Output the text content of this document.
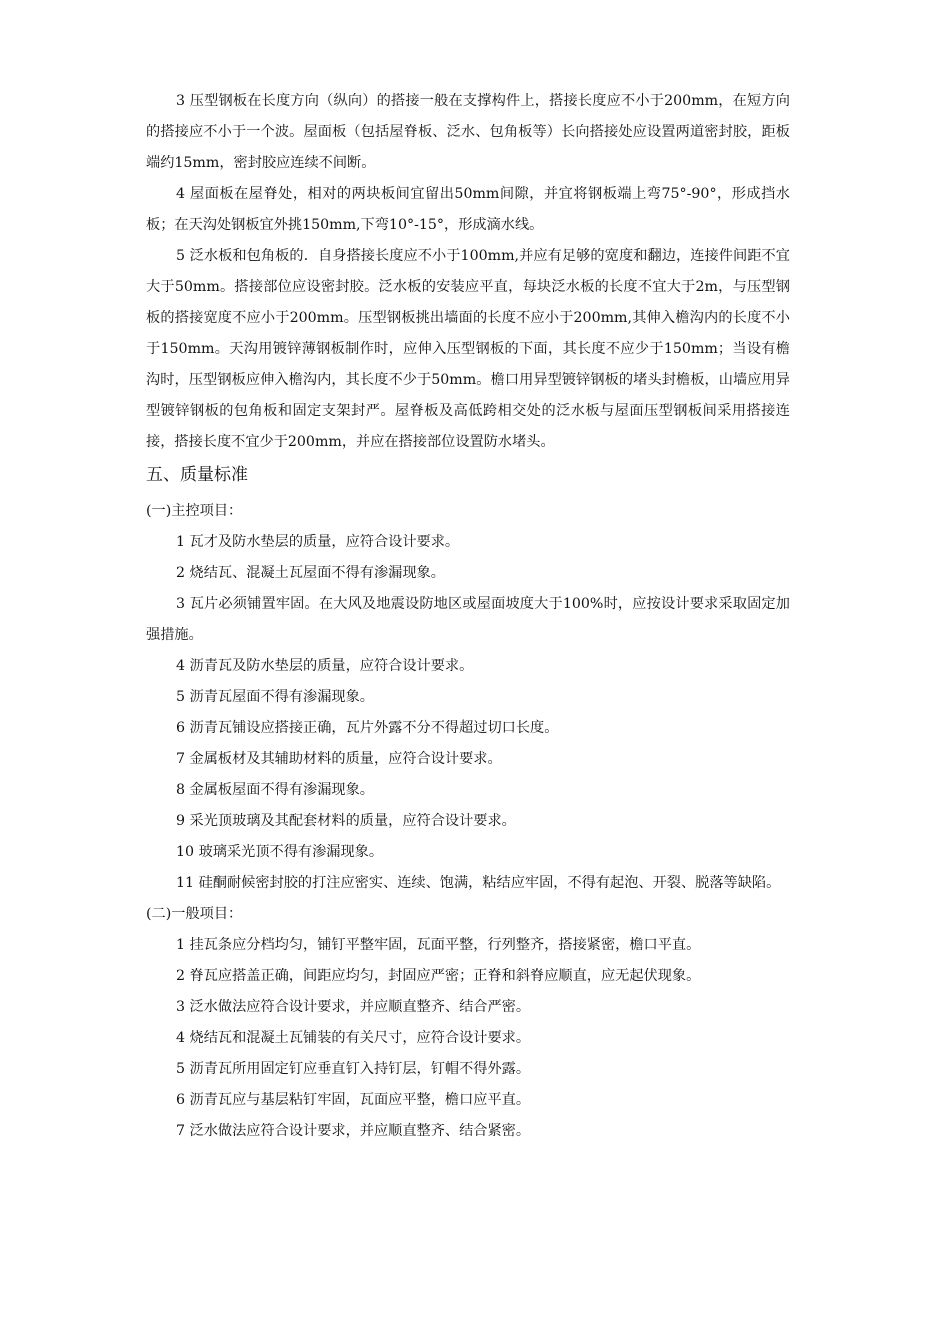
3 压型钢板在长度方向（纵向）的搭接一般在支撑构件上，搭接长度应不小于200mm，在短方向的搭接应不小于一个波。屋面板（包括屋脊板、泛水、包角板等）长向搭接处应设置两道密封胶，距板端约15mm，密封胶应连续不间断。

4 屋面板在屋脊处，相对的两块板间宜留出50mm间隙，并宜将钢板端上弯75°-90°，形成挡水板；在天沟处钢板宜外挑150mm,下弯10°-15°，形成滴水线。

5 泛水板和包角板的．自身搭接长度应不小于100mm,并应有足够的宽度和翻边，连接件间距不宜大于50mm。搭接部位应设密封胶。泛水板的安装应平直，每块泛水板的长度不宜大于2m，与压型钢板的搭接宽度不应小于200mm。压型钢板挑出墙面的长度不应小于200mm,其伸入檐沟内的长度不小于150mm。天沟用镀锌薄钢板制作时，应伸入压型钢板的下面，其长度不应少于150mm；当设有檐沟时，压型钢板应伸入檐沟内，其长度不少于50mm。檐口用异型镀锌钢板的堵头封檐板，山墙应用异型镀锌钢板的包角板和固定支架封严。屋脊板及高低跨相交处的泛水板与屋面压型钢板间采用搭接连接，搭接长度不宜少于200mm，并应在搭接部位设置防水堵头。

五、质量标准

(一)主控项目：

1 瓦才及防水垫层的质量，应符合设计要求。

2 烧结瓦、混凝土瓦屋面不得有渗漏现象。

3 瓦片必须铺置牢固。在大风及地震设防地区或屋面坡度大于100%时，应按设计要求采取固定加强措施。

4 沥青瓦及防水垫层的质量，应符合设计要求。

5 沥青瓦屋面不得有渗漏现象。

6 沥青瓦铺设应搭接正确，瓦片外露不分不得超过切口长度。

7 金属板材及其辅助材料的质量，应符合设计要求。

8 金属板屋面不得有渗漏现象。

9 采光顶玻璃及其配套材料的质量，应符合设计要求。

10 玻璃采光顶不得有渗漏现象。

11 硅酮耐候密封胶的打注应密实、连续、饱满，粘结应牢固，不得有起泡、开裂、脱落等缺陷。

(二)一般项目：

1 挂瓦条应分档均匀，铺钉平整牢固，瓦面平整，行列整齐，搭接紧密，檐口平直。

2 脊瓦应搭盖正确，间距应均匀，封固应严密；正脊和斜脊应顺直，应无起伏现象。

3 泛水做法应符合设计要求，并应顺直整齐、结合严密。

4 烧结瓦和混凝土瓦铺装的有关尺寸，应符合设计要求。

5 沥青瓦所用固定钉应垂直钉入持钉层，钉帽不得外露。

6 沥青瓦应与基层粘钉牢固，瓦面应平整，檐口应平直。

7 泛水做法应符合设计要求，并应顺直整齐、结合紧密。
